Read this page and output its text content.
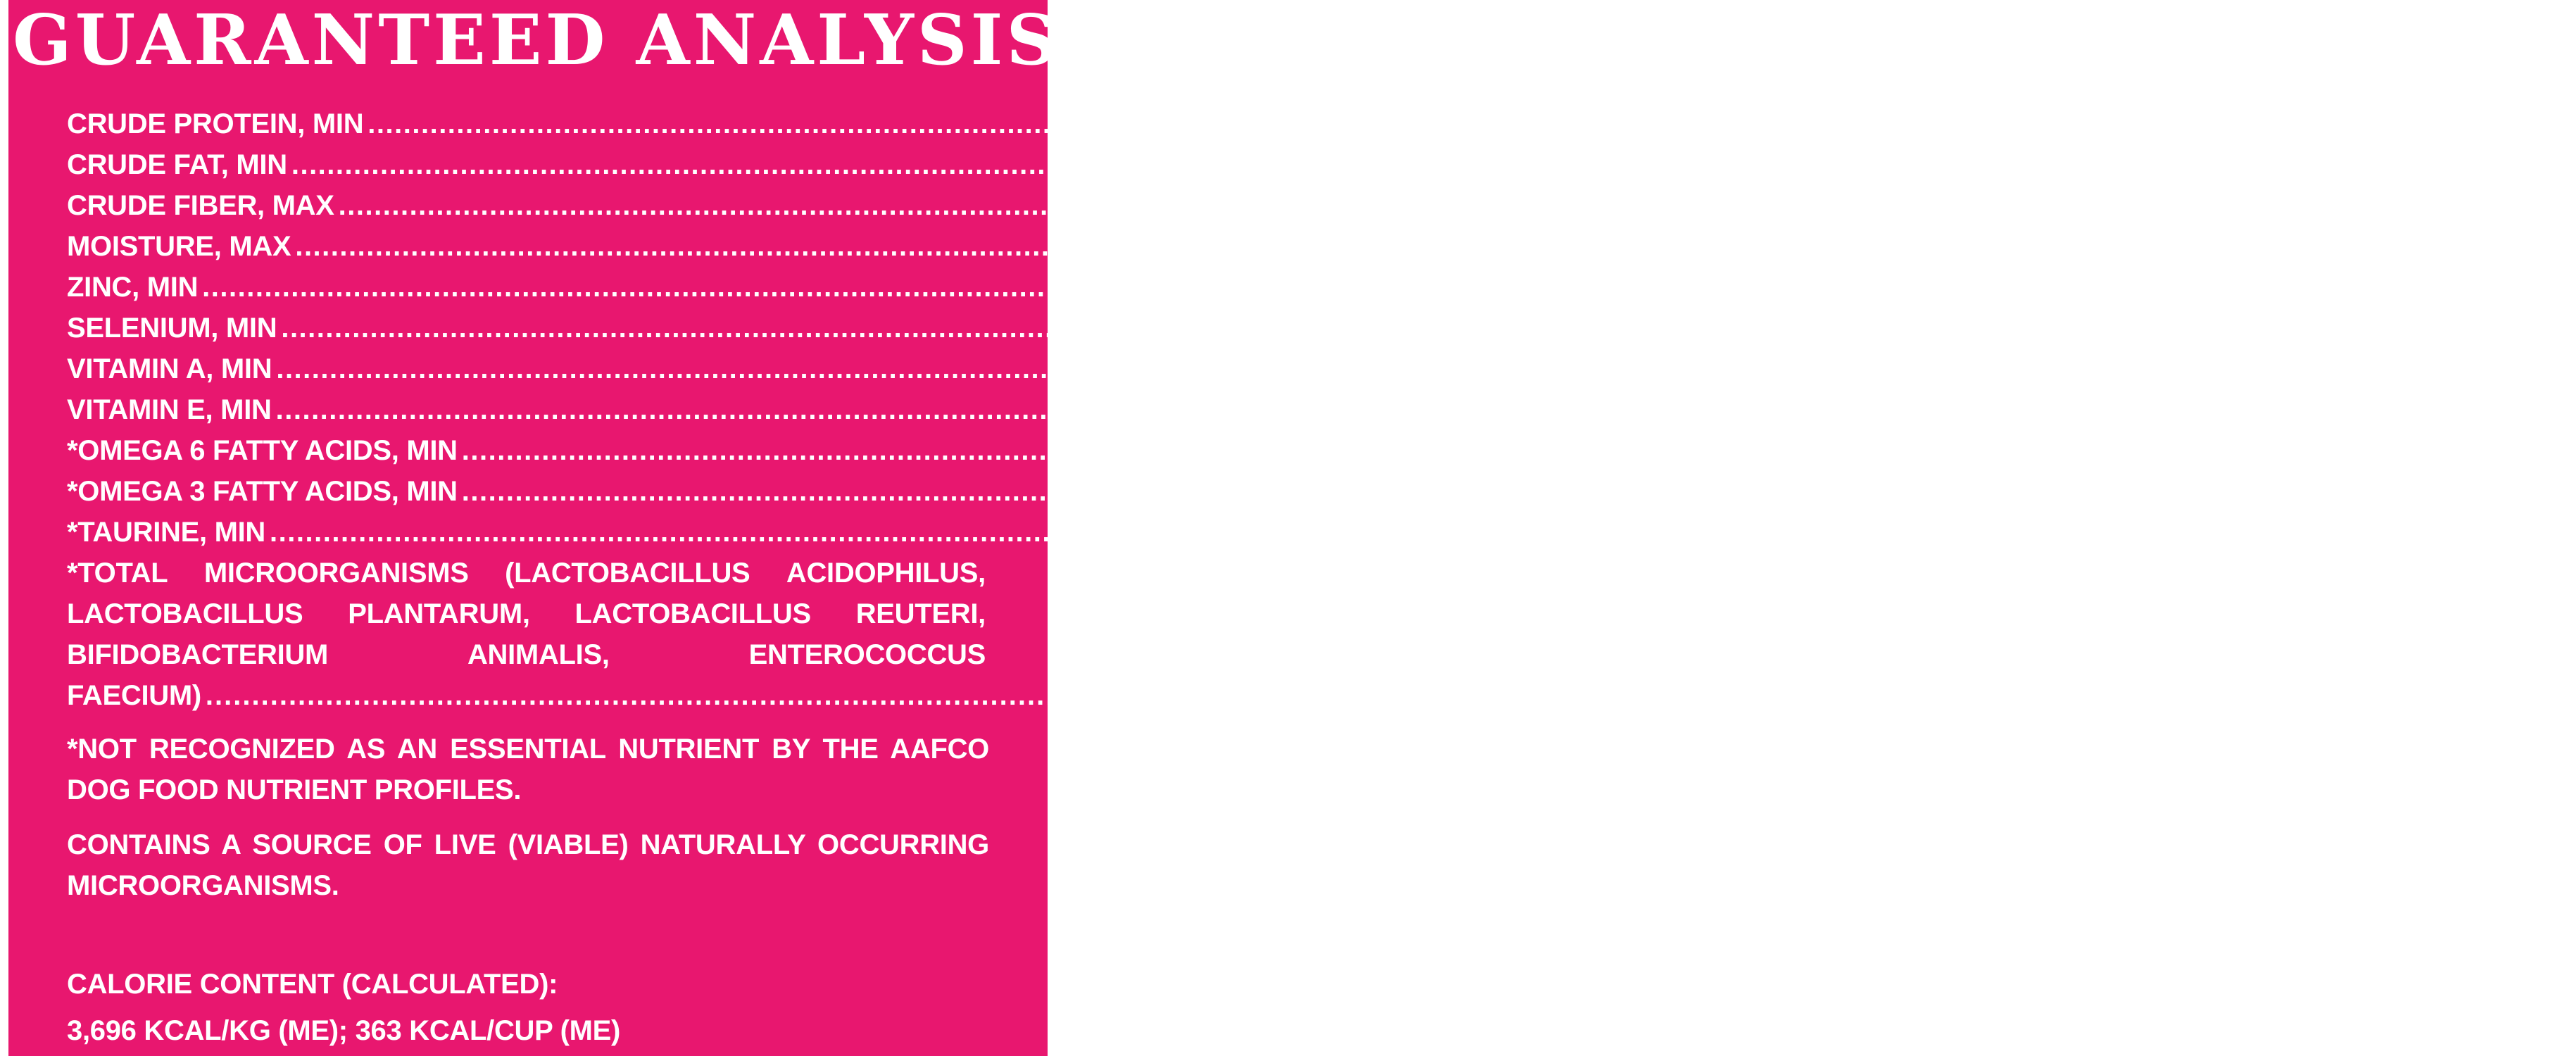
GUARANTEED ANALYSIS
CRUDE PROTEIN, MIN .............................................................................................................................................................................................................. 25.0%
CRUDE FAT, MIN .............................................................................................................................................................................................................. 15.0%
CRUDE FIBER, MAX .............................................................................................................................................................................................................. 3.0%
MOISTURE, MAX .............................................................................................................................................................................................................. 10.0%
ZINC, MIN .............................................................................................................................................................................................................. 150 mg/kg
SELENIUM, MIN .............................................................................................................................................................................................................. 0.4 mg/kg
VITAMIN A, MIN .............................................................................................................................................................................................................. 12,000 IU/kg
VITAMIN E, MIN .............................................................................................................................................................................................................. 150 IU/kg
*OMEGA 6 FATTY ACIDS, MIN .............................................................................................................................................................................................................. 2.4%
*OMEGA 3 FATTY ACIDS, MIN .............................................................................................................................................................................................................. 0.3%
*TAURINE, MIN .............................................................................................................................................................................................................. 0.12%
*TOTAL MICROORGANISMS (LACTOBACILLUS ACIDOPHILUS,
LACTOBACILLUS PLANTARUM, LACTOBACILLUS REUTERI,
BIFIDOBACTERIUM	ANIMALIS,	ENTEROCOCCUS
FAECIUM) .............................................................................................................................................................................................................. NOT LESS THAN 1,000,000 CFU/LB
*NOT RECOGNIZED AS AN ESSENTIAL NUTRIENT BY THE AAFCO DOG FOOD NUTRIENT PROFILES.
CONTAINS A SOURCE OF LIVE (VIABLE) NATURALLY OCCURRING MICROORGANISMS.
CALORIE CONTENT (CALCULATED):
3,696 KCAL/KG (ME); 363 KCAL/CUP (ME)
